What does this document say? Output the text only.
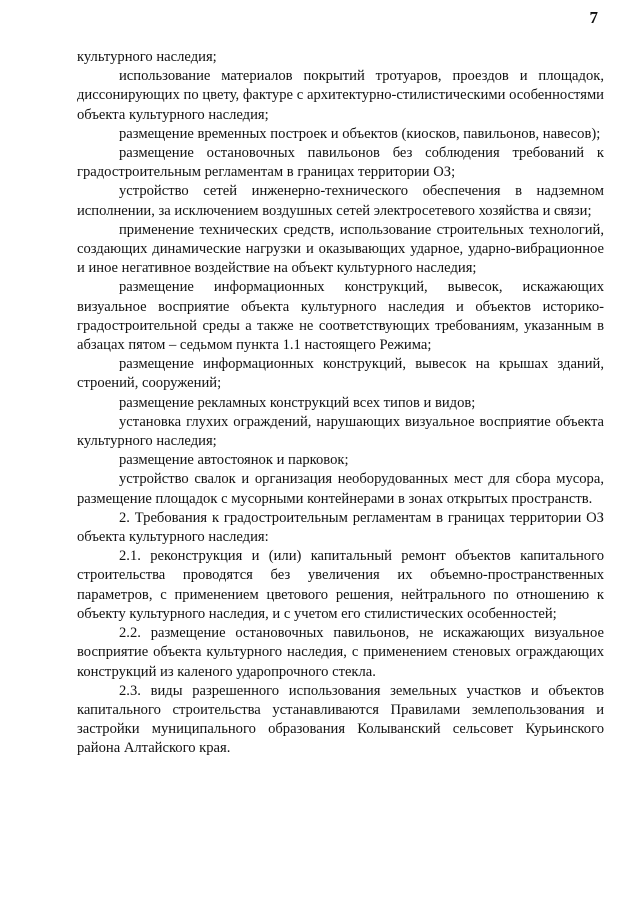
7

культурного наследия;

использование материалов покрытий тротуаров, проездов и площадок, диссонирующих по цвету, фактуре с архитектурно-стилистическими особенностями объекта культурного наследия;

размещение временных построек и объектов (киосков, павильонов, навесов);

размещение остановочных павильонов без соблюдения требований к градостроительным регламентам в границах территории ОЗ;

устройство сетей инженерно-технического обеспечения в надземном исполнении, за исключением воздушных сетей электросетевого хозяйства и связи;

применение технических средств, использование строительных технологий, создающих динамические нагрузки и оказывающих ударное, ударно-вибрационное и иное негативное воздействие на объект культурного наследия;

размещение информационных конструкций, вывесок, искажающих визуальное восприятие объекта культурного наследия и объектов историко-градостроительной среды а также не соответствующих требованиям, указанным в абзацах пятом – седьмом пункта 1.1 настоящего Режима;

размещение информационных конструкций, вывесок на крышах зданий, строений, сооружений;

размещение рекламных конструкций всех типов и видов;

установка глухих ограждений, нарушающих визуальное восприятие объекта культурного наследия;

размещение автостоянок и парковок;

устройство свалок и организация необорудованных мест для сбора мусора, размещение площадок с мусорными контейнерами в зонах открытых пространств.

2. Требования к градостроительным регламентам в границах территории ОЗ объекта культурного наследия:

2.1. реконструкция и (или) капитальный ремонт объектов капитального строительства проводятся без увеличения их объемно-пространственных параметров, с применением цветового решения, нейтрального по отношению к объекту культурного наследия, и с учетом его стилистических особенностей;

2.2. размещение остановочных павильонов, не искажающих визуальное восприятие объекта культурного наследия, с применением стеновых ограждающих конструкций из каленого ударопрочного стекла.

2.3. виды разрешенного использования земельных участков и объектов капитального строительства устанавливаются Правилами землепользования и застройки муниципального образования Колыванский сельсовет Курьинского района Алтайского края.
